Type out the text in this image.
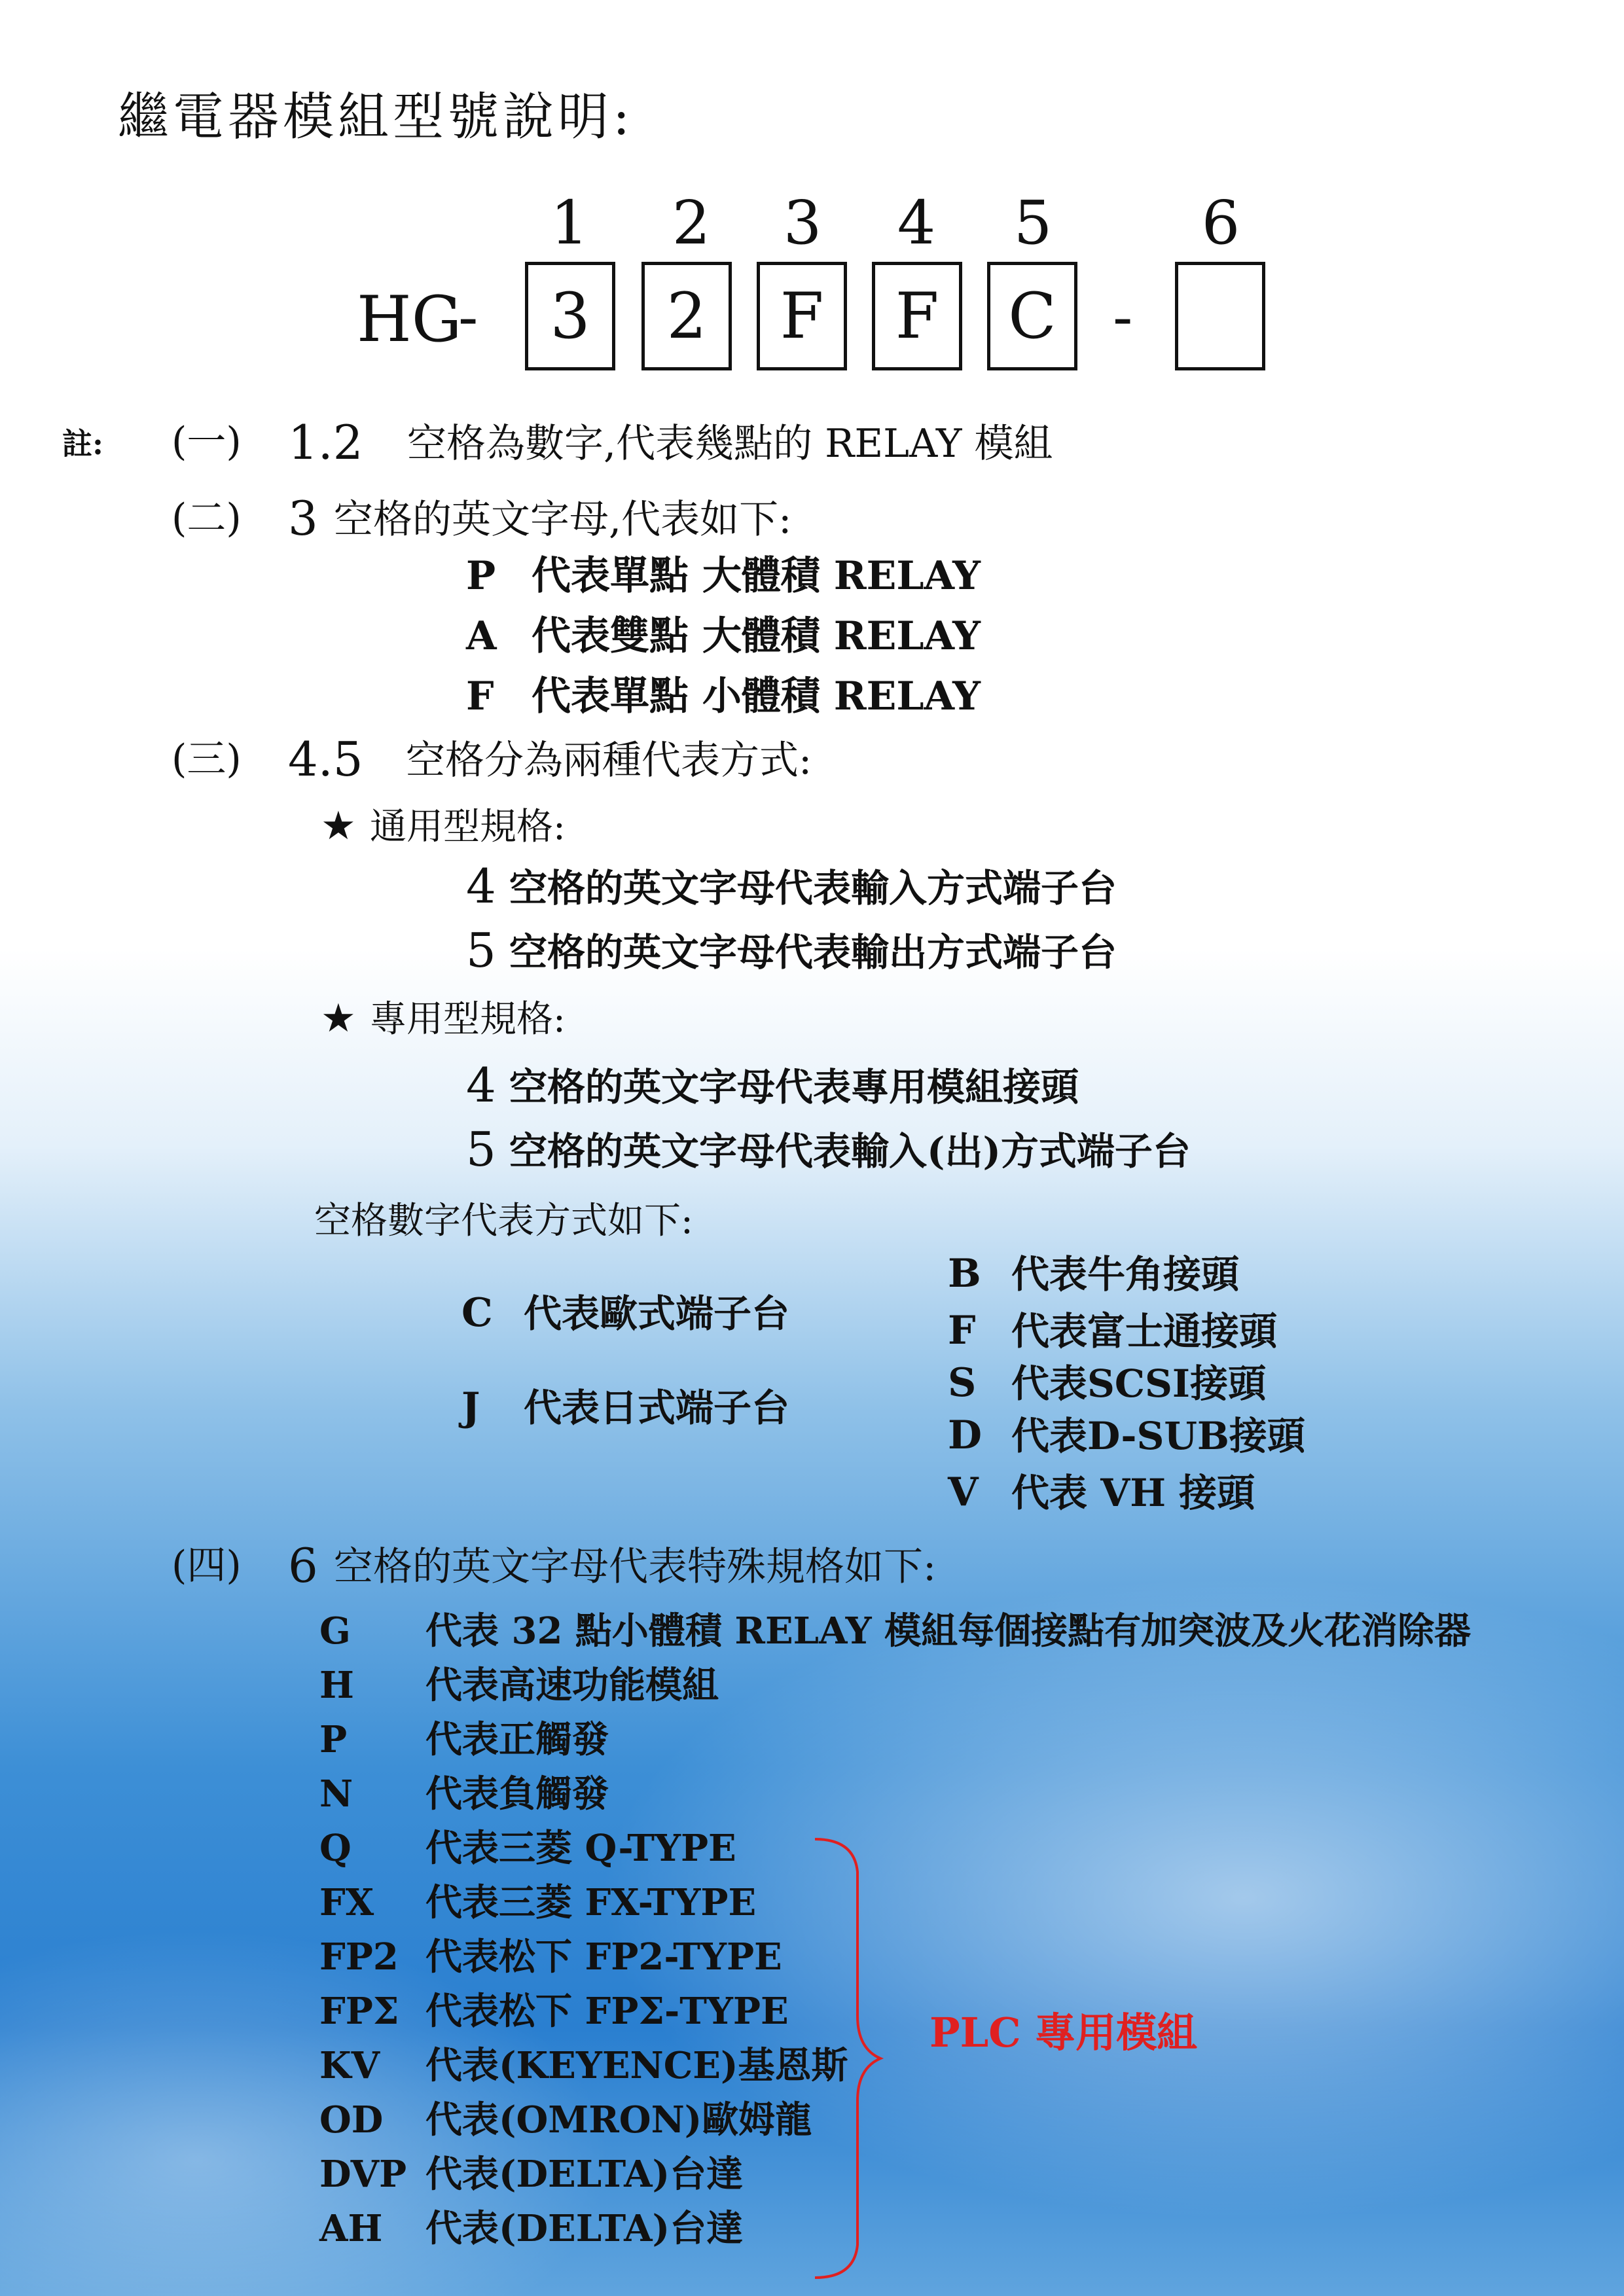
繼電器模組型號說明:
1	2	3	4	5	6
HG
-	3	2	F	F	C -
註: (一) 1.2 空格為數字,代表幾點的 RELAY 模組
(二) 3 空格的英文字母,代表如下:
P 代表單點 大體積 RELAY
A 代表雙點 大體積 RELAY
F 代表單點 小體積 RELAY
(三) 4.5 空格分為兩種代表方式:
★ 通用型規格:
4 空格的英文字母代表輸入方式端子台
5 空格的英文字母代表輸出方式端子台
★ 專用型規格:
4 空格的英文字母代表專用模組接頭
5 空格的英文字母代表輸入(出)方式端子台
空格數字代表方式如下:
C 代表歐式端子台
J 代表日式端子台
B 代表牛角接頭
F 代表富士通接頭
S 代表SCSI接頭
D 代表D-SUB接頭
V 代表 VH 接頭
(四) 6 空格的英文字母代表特殊規格如下:
G 代表 32 點小體積 RELAY 模組每個接點有加突波及火花消除器
H 代表高速功能模組
P 代表正觸發
N 代表負觸發
Q 代表三菱 Q-TYPE
FX 代表三菱 FX-TYPE
FP2 代表松下 FP2-TYPE
FPΣ 代表松下 FPΣ-TYPE
KV 代表(KEYENCE)基恩斯
OD 代表(OMRON)歐姆龍
DVP 代表(DELTA)台達
AH 代表(DELTA)台達
PLC 專用模組
